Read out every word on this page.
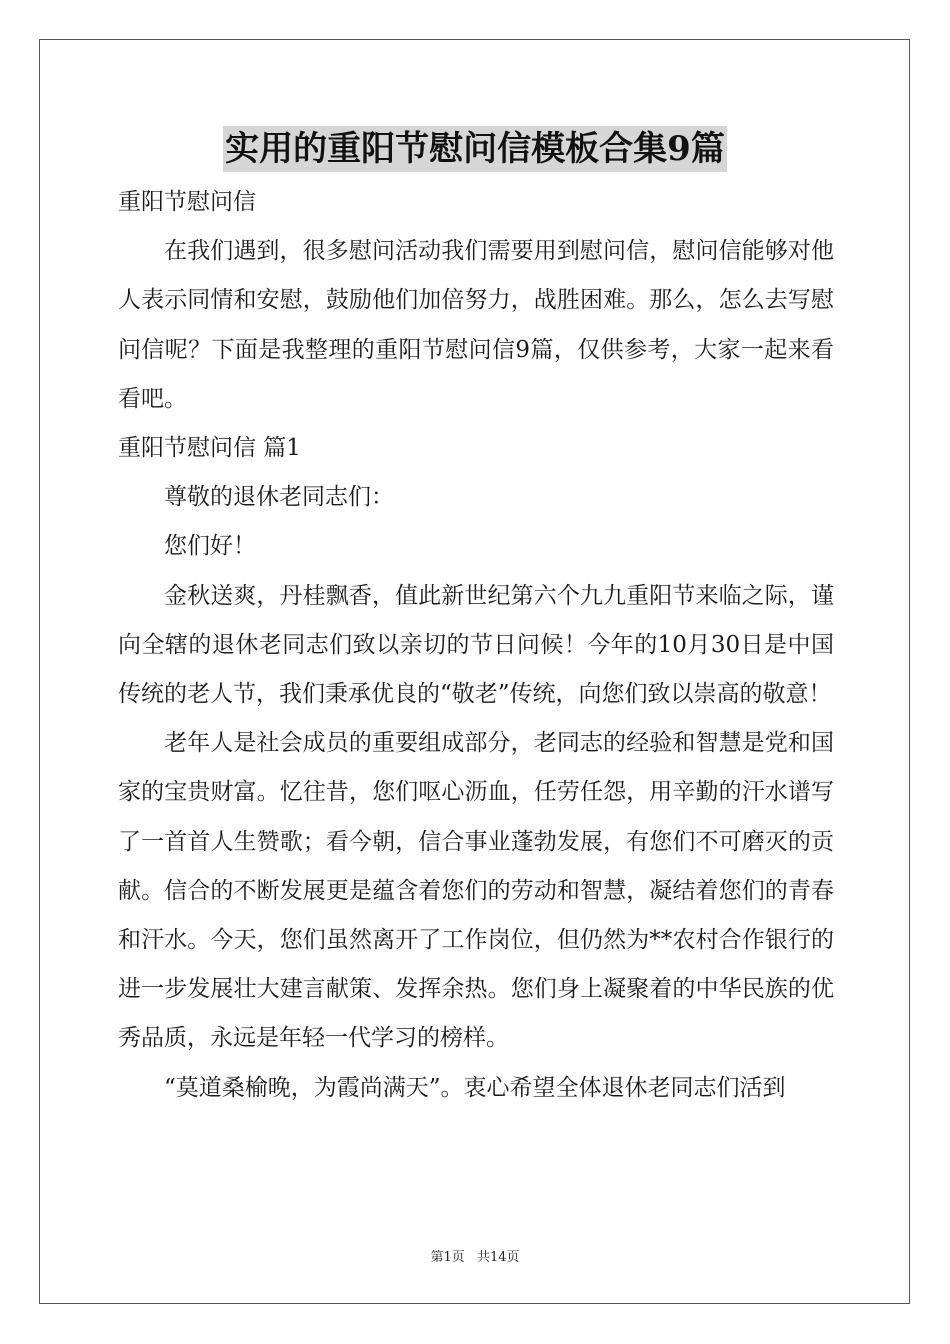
实用的重阳节慰问信模板合集9篇

重阳节慰问信

在我们遇到，很多慰问活动我们需要用到慰问信，慰问信能够对他人表示同情和安慰，鼓励他们加倍努力，战胜困难。那么，怎么去写慰问信呢？下面是我整理的重阳节慰问信9篇，仅供参考，大家一起来看看吧。

重阳节慰问信 篇1

尊敬的退休老同志们：

您们好！

金秋送爽，丹桂飘香，值此新世纪第六个九九重阳节来临之际，谨向全辖的退休老同志们致以亲切的节日问候！今年的10月30日是中国传统的老人节，我们秉承优良的“敬老”传统，向您们致以崇高的敬意！

老年人是社会成员的重要组成部分，老同志的经验和智慧是党和国家的宝贵财富。忆往昔，您们呕心沥血，任劳任怨，用辛勤的汗水谱写了一首首人生赞歌；看今朝，信合事业蓬勃发展，有您们不可磨灭的贡献。信合的不断发展更是蕴含着您们的劳动和智慧，凝结着您们的青春和汗水。今天，您们虽然离开了工作岗位，但仍然为**农村合作银行的进一步发展壮大建言献策、发挥余热。您们身上凝聚着的中华民族的优秀品质，永远是年轻一代学习的榜样。

“莫道桑榆晚，为霞尚满天”。衷心希望全体退休老同志们活到

第1页 共14页
